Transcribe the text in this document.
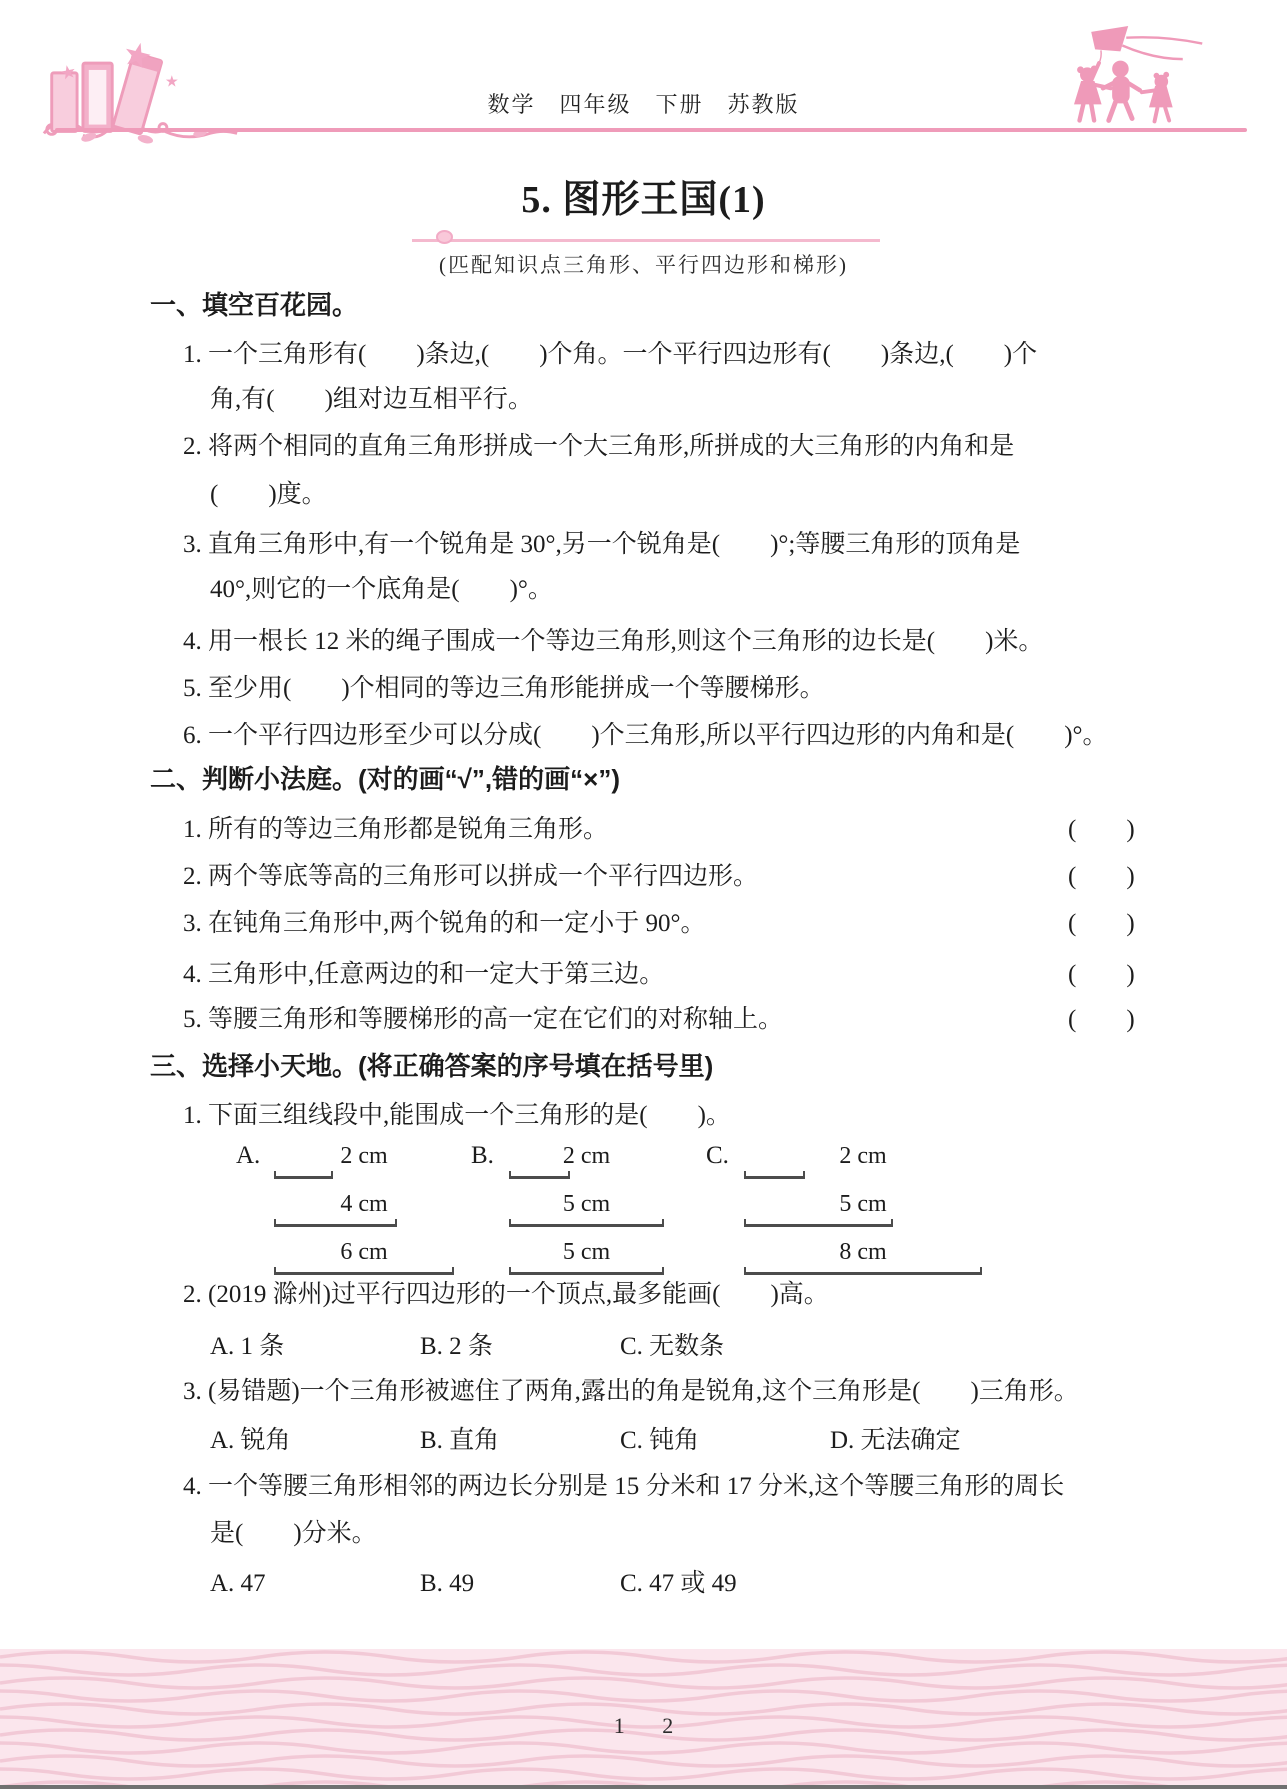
★
★	★
数学　四年级　下册　苏教版
5. 图形王国(1)
(匹配知识点三角形、平行四边形和梯形)
一、填空百花园。
1. 一个三角形有(　　)条边,(　　)个角。一个平行四边形有(　　)条边,(　　)个
角,有(　　)组对边互相平行。
2. 将两个相同的直角三角形拼成一个大三角形,所拼成的大三角形的内角和是
(　　)度。
3. 直角三角形中,有一个锐角是 30°,另一个锐角是(　　)°;等腰三角形的顶角是
40°,则它的一个底角是(　　)°。
4. 用一根长 12 米的绳子围成一个等边三角形,则这个三角形的边长是(　　)米。
5. 至少用(　　)个相同的等边三角形能拼成一个等腰梯形。
6. 一个平行四边形至少可以分成(　　)个三角形,所以平行四边形的内角和是(　　)°。
二、判断小法庭。(对的画“√”,错的画“×”)
1. 所有的等边三角形都是锐角三角形。	(　　)
2. 两个等底等高的三角形可以拼成一个平行四边形。	(　　)
3. 在钝角三角形中,两个锐角的和一定小于 90°。	(　　)
4. 三角形中,任意两边的和一定大于第三边。	(　　)
5. 等腰三角形和等腰梯形的高一定在它们的对称轴上。	(　　)
三、选择小天地。(将正确答案的序号填在括号里)
1. 下面三组线段中,能围成一个三角形的是(　　)。
A.	2 cm
4 cm
6 cm
B.	2 cm
5 cm
5 cm
C.	2 cm
5 cm
8 cm
2. (2019 滁州)过平行四边形的一个顶点,最多能画(　　)高。
A. 1 条	B. 2 条	C. 无数条
3. (易错题)一个三角形被遮住了两角,露出的角是锐角,这个三角形是(　　)三角形。
A. 锐角	B. 直角	C. 钝角	D. 无法确定
4. 一个等腰三角形相邻的两边长分别是 15 分米和 17 分米,这个等腰三角形的周长
是(　　)分米。
A. 47	B. 49	C. 47 或 49
1 2
